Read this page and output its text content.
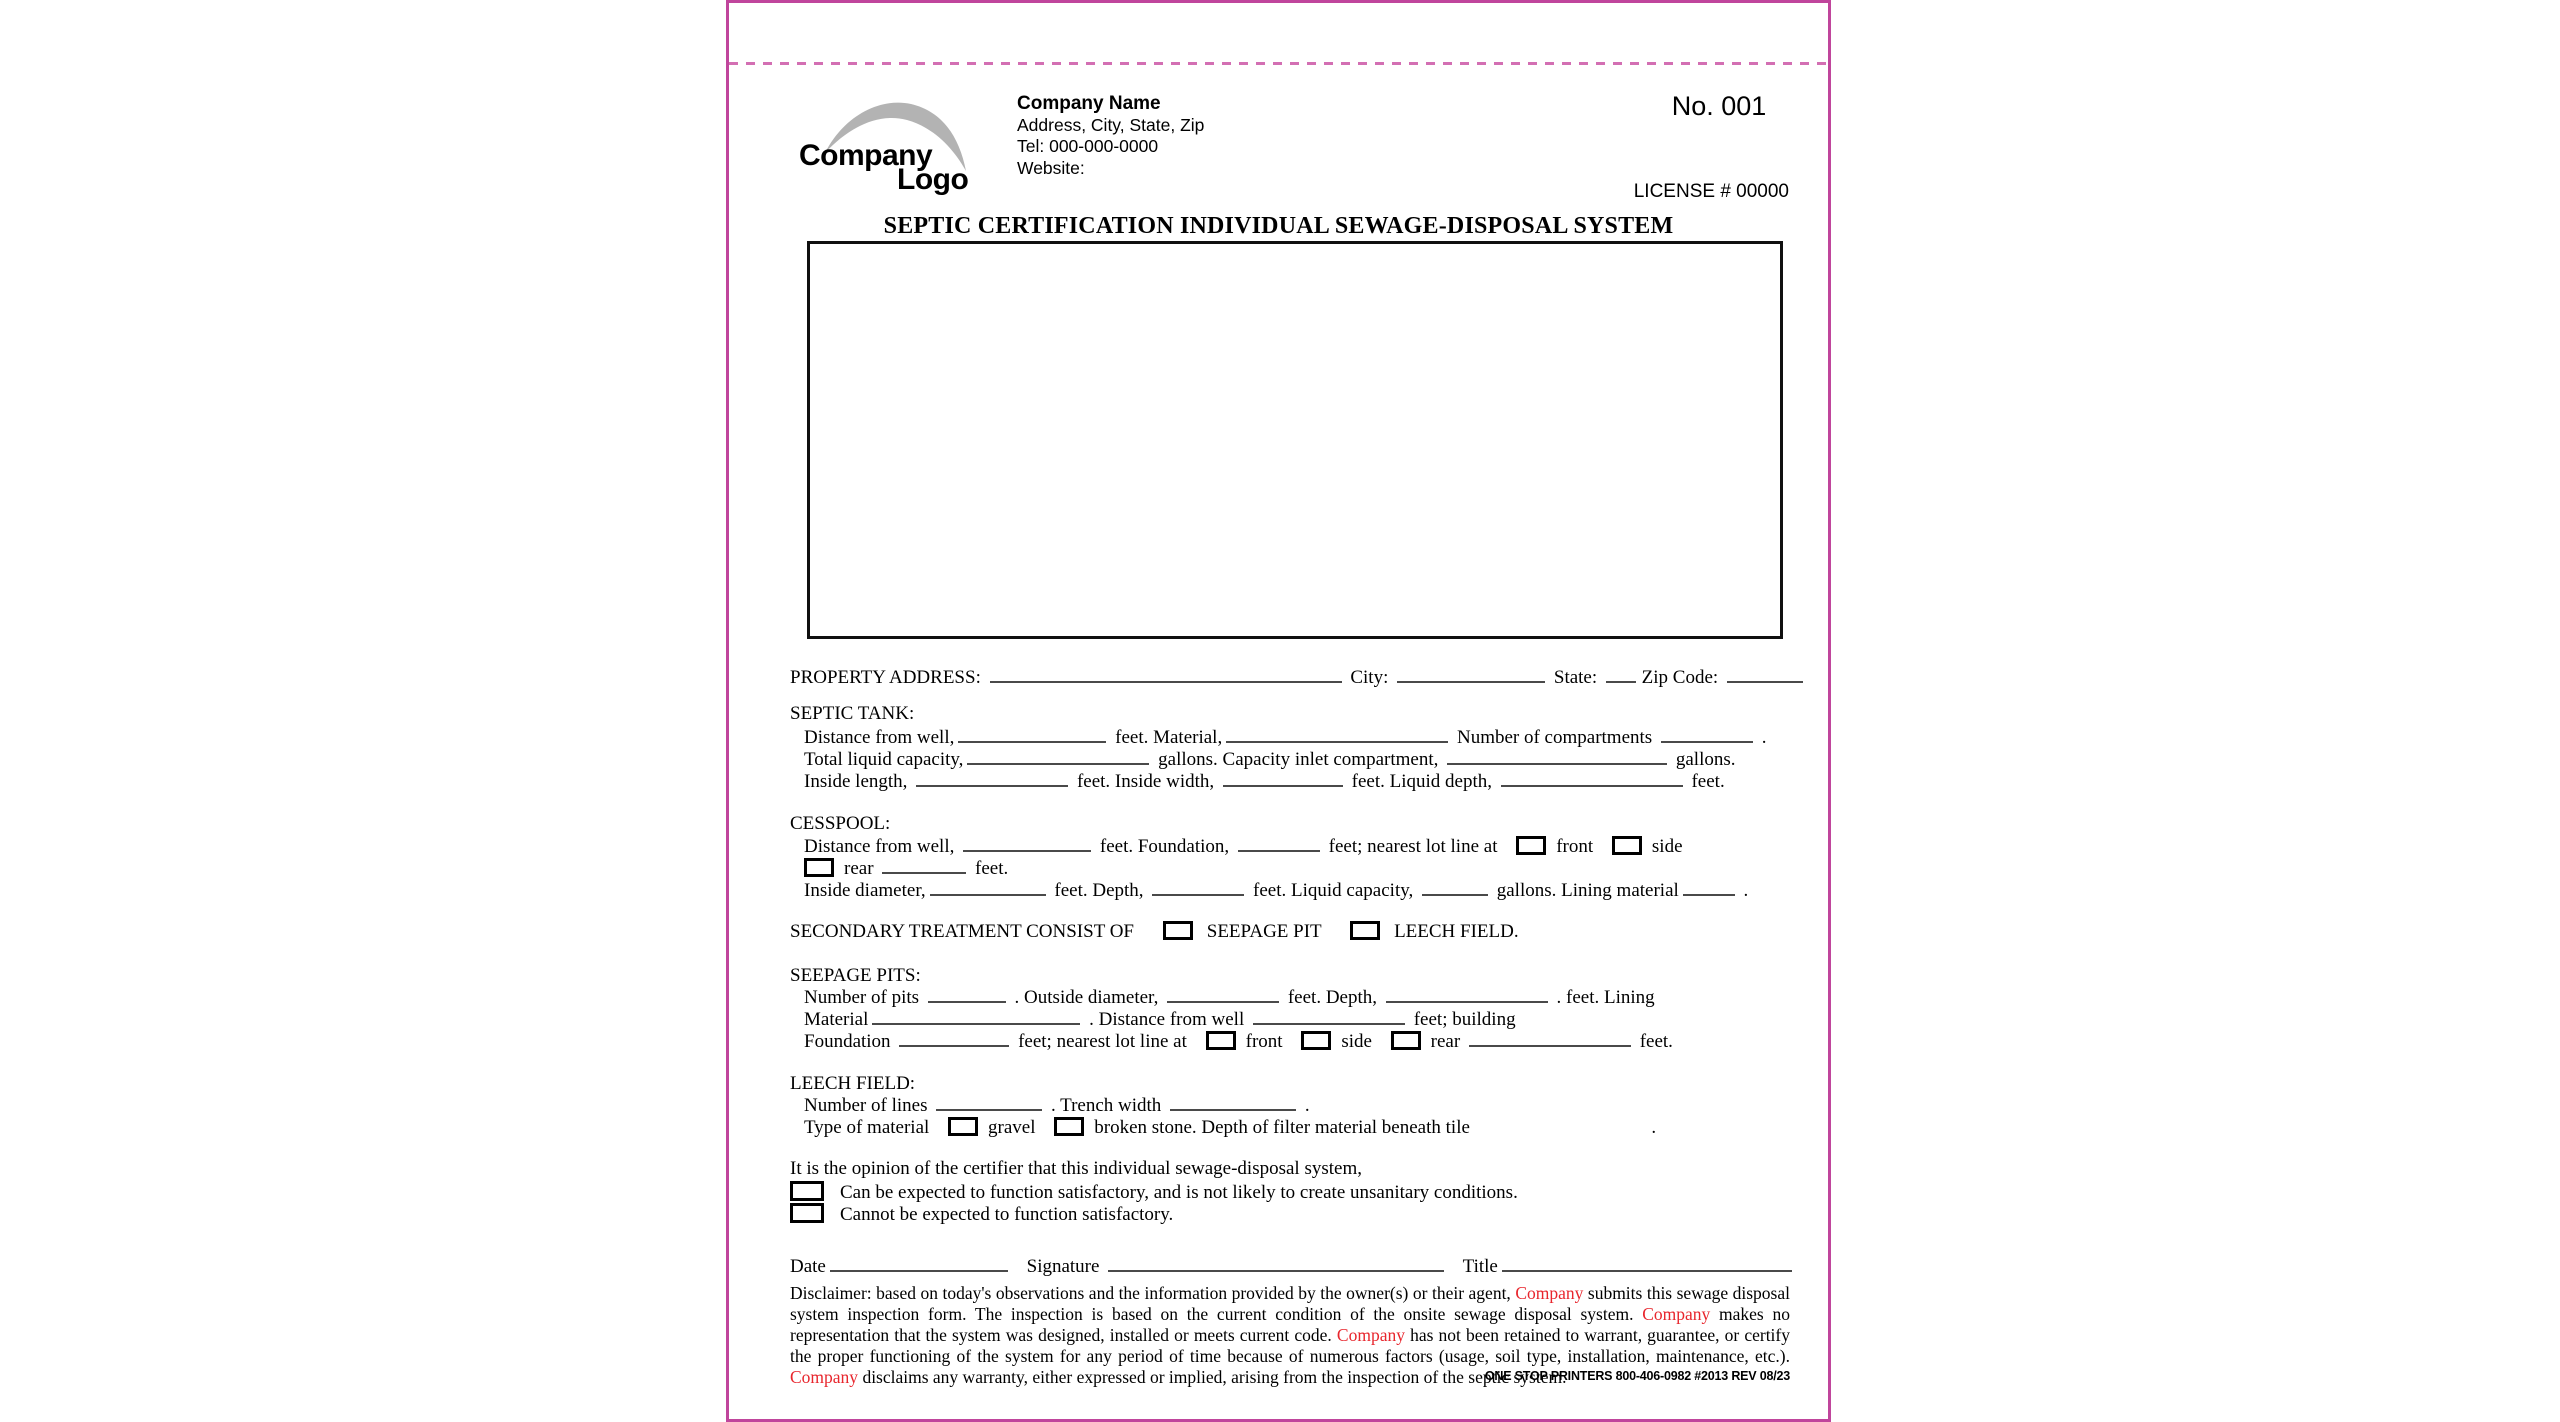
Company
Logo
Company Name
Address, City, State, Zip
Tel: 000-000-0000
Website:
No. 001
LICENSE # 00000
SEPTIC CERTIFICATION INDIVIDUAL SEWAGE-DISPOSAL SYSTEM
PROPERTY ADDRESS:	City:	State: Zip Code:
SEPTIC TANK:
Distance from well,	feet. Material,	Number of compartments	.
Total liquid capacity,	gallons. Capacity inlet compartment,	gallons.
Inside length,	feet. Inside width,	feet. Liquid depth,	feet.
CESSPOOL:
Distance from well,	feet. Foundation,	feet; nearest lot line at	front	side
rear	feet.
Inside diameter,	feet. Depth,	feet. Liquid capacity,	gallons. Lining material	.
SECONDARY TREATMENT CONSIST OF	SEEPAGE PIT	LEECH FIELD.
SEEPAGE PITS:
Number of pits	. Outside diameter,	feet. Depth,	. feet. Lining
Material	. Distance from well	feet; building
Foundation	feet; nearest lot line at	front	side	rear	feet.
LEECH FIELD:
Number of lines	. Trench width	.
Type of material	gravel	broken stone. Depth of filter material beneath tile	.
It is the opinion of the certifier that this individual sewage-disposal system,
Can be expected to function satisfactory, and is not likely to create unsanitary conditions.
Cannot be expected to function satisfactory.
Date	Signature	Title
Disclaimer: based on today's observations and the information provided by the owner(s) or their agent, Company submits this sewage disposal system inspection form. The inspection is based on the current condition of the onsite sewage disposal system. Company makes no representation that the system was designed, installed or meets current code. Company has not been retained to warrant, guarantee, or certify the proper functioning of the system for any period of time because of numerous factors (usage, soil type, installation, maintenance, etc.). Company disclaims any warranty, either expressed or implied, arising from the inspection of the septic system.
ONE STOP PRINTERS 800-406-0982 #2013 REV 08/23
